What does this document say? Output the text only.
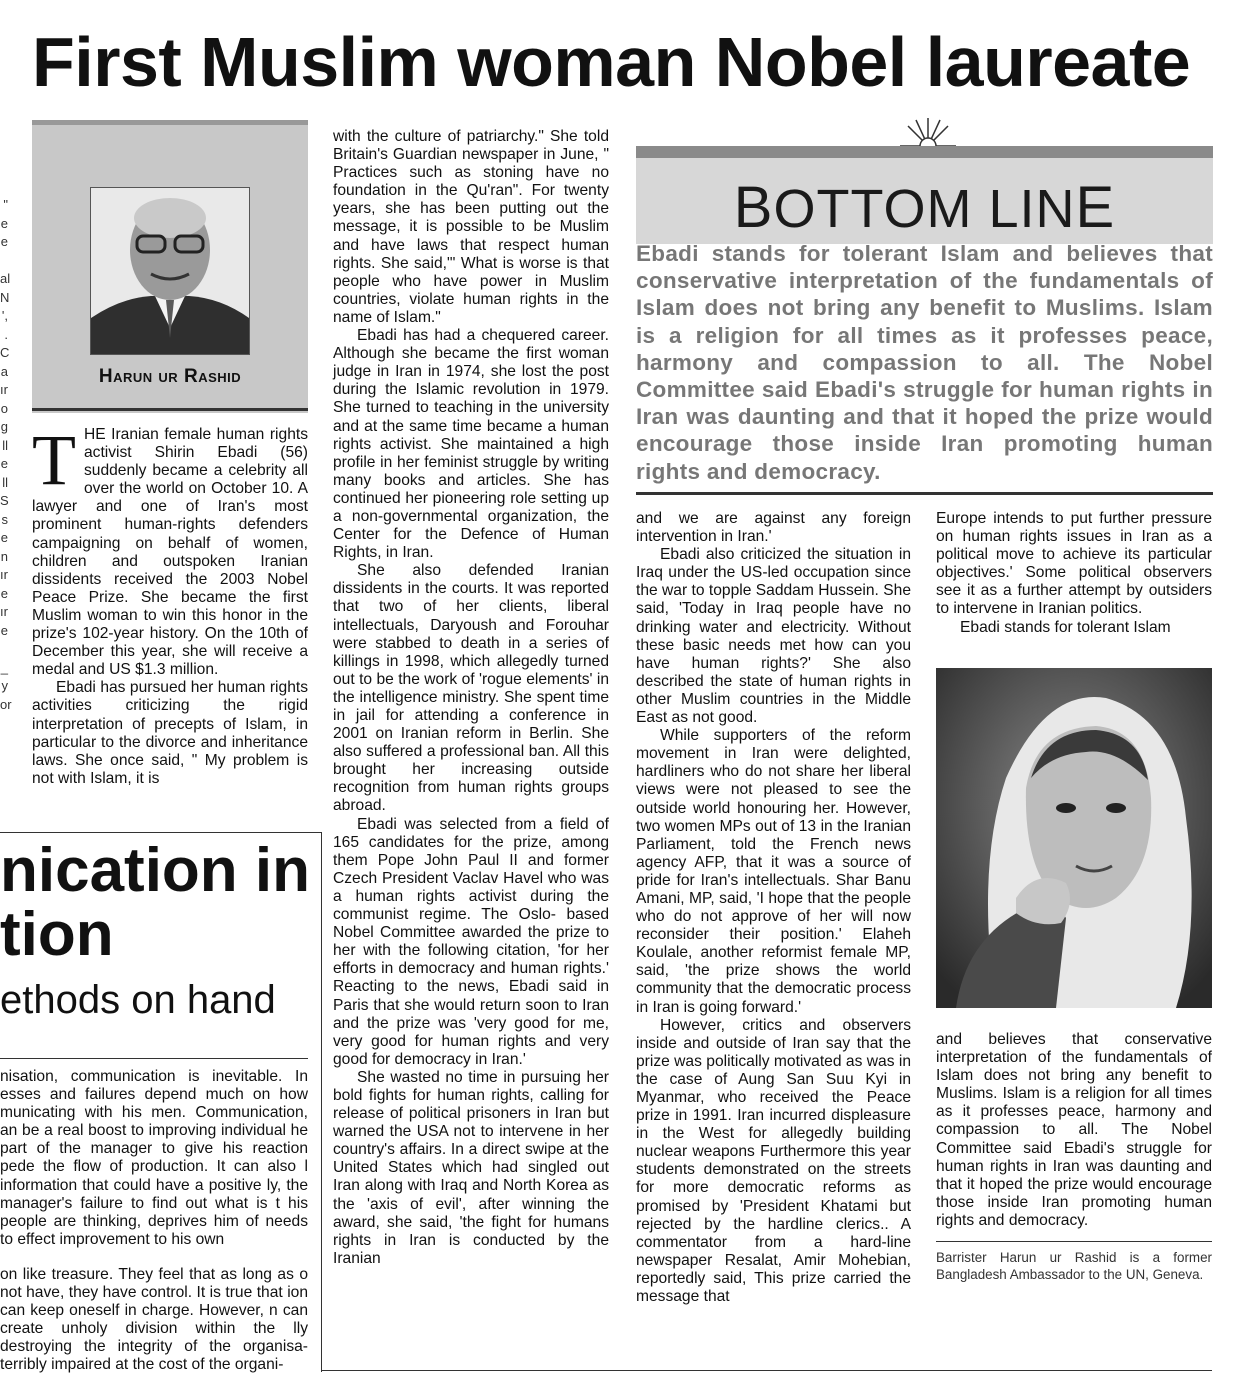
First Muslim woman Nobel laureate
"
e
e

al
N
',
.
C
a
ır
o
g
ll
e
ll
S
s
e
n
ır
e
ır
e

_
y
or
Harun ur Rashid

THE Iranian female human rights activist Shirin Ebadi (56) suddenly became a celebrity all over the world on October 10. A lawyer and one of Iran's most prominent human-rights defenders campaigning on behalf of women, children and outspoken Iranian dissidents received the 2003 Nobel Peace Prize. She became the first Muslim woman to win this honor in the prize's 102-year history. On the 10th of December this year, she will receive a medal and US $1.3 million.

Ebadi has pursued her human rights activities criticizing the rigid interpretation of precepts of Islam, in particular to the divorce and inheritance laws. She once said, " My problem is not with Islam, it is

with the culture of patriarchy." She told Britain's Guardian newspaper in June, " Practices such as stoning have no foundation in the Qu'ran". For twenty years, she has been putting out the message, it is possible to be Muslim and have laws that respect human rights. She said,"' What is worse is that people who have power in Muslim countries, violate human rights in the name of Islam."

Ebadi has had a chequered career. Although she became the first woman judge in Iran in 1974, she lost the post during the Islamic revolution in 1979. She turned to teaching in the university and at the same time became a human rights activist. She maintained a high profile in her feminist struggle by writing many books and articles. She has continued her pioneering role setting up a non-governmental organization, the Center for the Defence of Human Rights, in Iran.

She also defended Iranian dissidents in the courts. It was reported that two of her clients, liberal intellectuals, Daryoush and Forouhar were stabbed to death in a series of killings in 1998, which allegedly turned out to be the work of 'rogue elements' in the intelligence ministry. She spent time in jail for attending a conference in 2001 on Iranian reform in Berlin. She also suffered a professional ban. All this brought her increasing outside recognition from human rights groups abroad.

Ebadi was selected from a field of 165 candidates for the prize, among them Pope John Paul II and former Czech President Vaclav Havel who was a human rights activist during the communist regime. The Oslo- based Nobel Committee awarded the prize to her with the following citation, 'for her efforts in democracy and human rights.' Reacting to the news, Ebadi said in Paris that she would return soon to Iran and the prize was 'very good for me, very good for human rights and very good for democracy in Iran.'

She wasted no time in pursuing her bold fights for human rights, calling for release of political prisoners in Iran but warned the USA not to intervene in her country's affairs. In a direct swipe at the United States which had singled out Iran along with Iraq and North Korea as the 'axis of evil', after winning the award, she said, 'the fight for humans rights in Iran is conducted by the Iranian

BOTTOM LINE
Ebadi stands for tolerant Islam and believes that conservative interpretation of the fundamentals of Islam does not bring any benefit to Muslims. Islam is a religion for all times as it professes peace, harmony and compassion to all. The Nobel Committee said Ebadi's struggle for human rights in Iran was daunting and that it hoped the prize would encourage those inside Iran promoting human rights and democracy.

and we are against any foreign intervention in Iran.'

Ebadi also criticized the situation in Iraq under the US-led occupation since the war to topple Saddam Hussein. She said, 'Today in Iraq people have no drinking water and electricity. Without these basic needs met how can you have human rights?' She also described the state of human rights in other Muslim countries in the Middle East as not good.

While supporters of the reform movement in Iran were delighted, hardliners who do not share her liberal views were not pleased to see the outside world honouring her. However, two women MPs out of 13 in the Iranian Parliament, told the French news agency AFP, that it was a source of pride for Iran's intellectuals. Shar Banu Amani, MP, said, 'I hope that the people who do not approve of her will now reconsider their position.' Elaheh Koulale, another reformist female MP, said, 'the prize shows the world community that the democratic process in Iran is going forward.'

However, critics and observers inside and outside of Iran say that the prize was politically motivated as was in the case of Aung San Suu Kyi in Myanmar, who received the Peace prize in 1991. Iran incurred displeasure in the West for allegedly building nuclear weapons Furthermore this year students demonstrated on the streets for more democratic reforms as promised by 'President Khatami but rejected by the hardline clerics.. A commentator from a hard-line newspaper Resalat, Amir Mohebian, reportedly said, This prize carried the message that

Europe intends to put further pressure on human rights issues in Iran as a political move to achieve its particular objectives.' Some political observers see it as a further attempt by outsiders to intervene in Iranian politics.

Ebadi stands for tolerant Islam

and believes that conservative interpretation of the fundamentals of Islam does not bring any benefit to Muslims. Islam is a religion for all times as it professes peace, harmony and compassion to all. The Nobel Committee said Ebadi's struggle for human rights in Iran was daunting and that it hoped the prize would encourage those inside Iran promoting human rights and democracy.

Barrister Harun ur Rashid is a former Bangladesh Ambassador to the UN, Geneva.
nication in
tion
ethods on hand

nisation, communication is inevitable. In esses and failures depend much on how municating with his men. Communication, an be a real boost to improving individual he part of the manager to give his reaction pede the flow of production. It can also l information that could have a positive ly, the manager's failure to find out what is t his people are thinking, deprives him of needs to effect improvement to his own

on like treasure. They feel that as long as o not have, they have control. It is true that ion can keep oneself in charge. However, n can create unholy division within the lly destroying the integrity of the organisa- terribly impaired at the cost of the organi-
